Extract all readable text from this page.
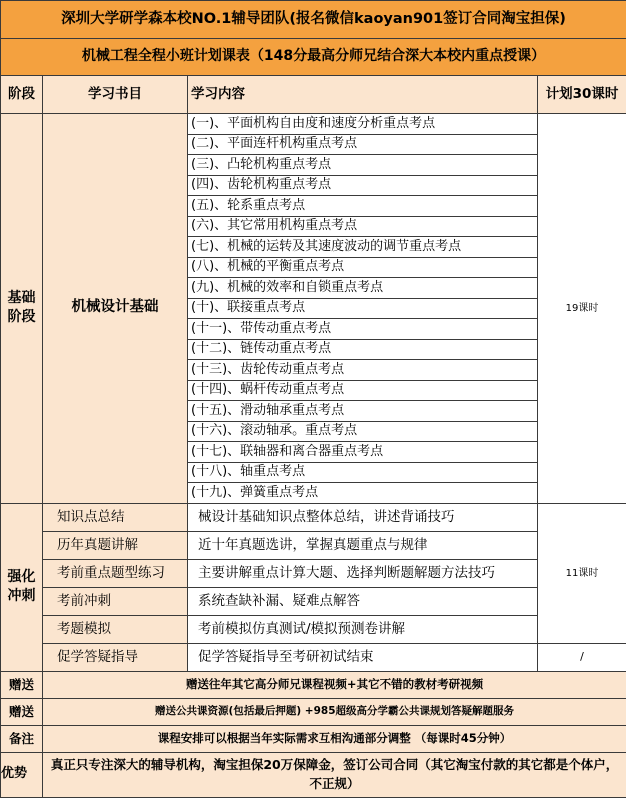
深圳大学研学森本校NO.1辅导团队(报名微信kaoyan901签订合同淘宝担保)			
机械工程全程小班计划课表（148分最高分师兄结合深大本校内重点授课）			
阶段	学习书目	学习内容	计划30课时

基础
阶段	机械设计基础	(一)、平面机构自由度和速度分析重点考点	19课时
		(二)、平面连杆机构重点考点	
		(三)、凸轮机构重点考点	
		(四)、齿轮机构重点考点	
		(五)、轮系重点考点	
		(六)、其它常用机构重点考点	
		(七)、机械的运转及其速度波动的调节重点考点	
		(八)、机械的平衡重点考点	
		(九)、机械的效率和自锁重点考点	
		(十)、联接重点考点	
		(十一)、带传动重点考点	
		(十二)、链传动重点考点	
		(十三)、齿轮传动重点考点	
		(十四)、蜗杆传动重点考点	
		(十五)、滑动轴承重点考点	
		(十六)、滚动轴承。重点考点	
		(十七)、联轴器和离合器重点考点	
		(十八)、轴重点考点	
		(十九)、弹簧重点考点	

强化
冲刺	知识点总结	械设计基础知识点整体总结，讲述背诵技巧	11课时
	历年真题讲解	近十年真题选讲，掌握真题重点与规律	
	考前重点题型练习	主要讲解重点计算大题、选择判断题解题方法技巧	
	考前冲刺	系统查缺补漏、疑难点解答	
	考题模拟	考前模拟仿真测试/模拟预测卷讲解	
	促学答疑指导	促学答疑指导至考研初试结束	/
赠送	赠送往年其它高分师兄课程视频+其它不错的教材考研视频		
赠送	赠送公共课资源(包括最后押题) +985超级高分学霸公共课规划答疑解题服务		
备注	课程安排可以根据当年实际需求互相沟通部分调整 （每课时45分钟）		
优势	真正只专注深大的辅导机构，淘宝担保20万保障金，签订公司合同（其它淘宝付款的其它都是个体户，不正规）		
